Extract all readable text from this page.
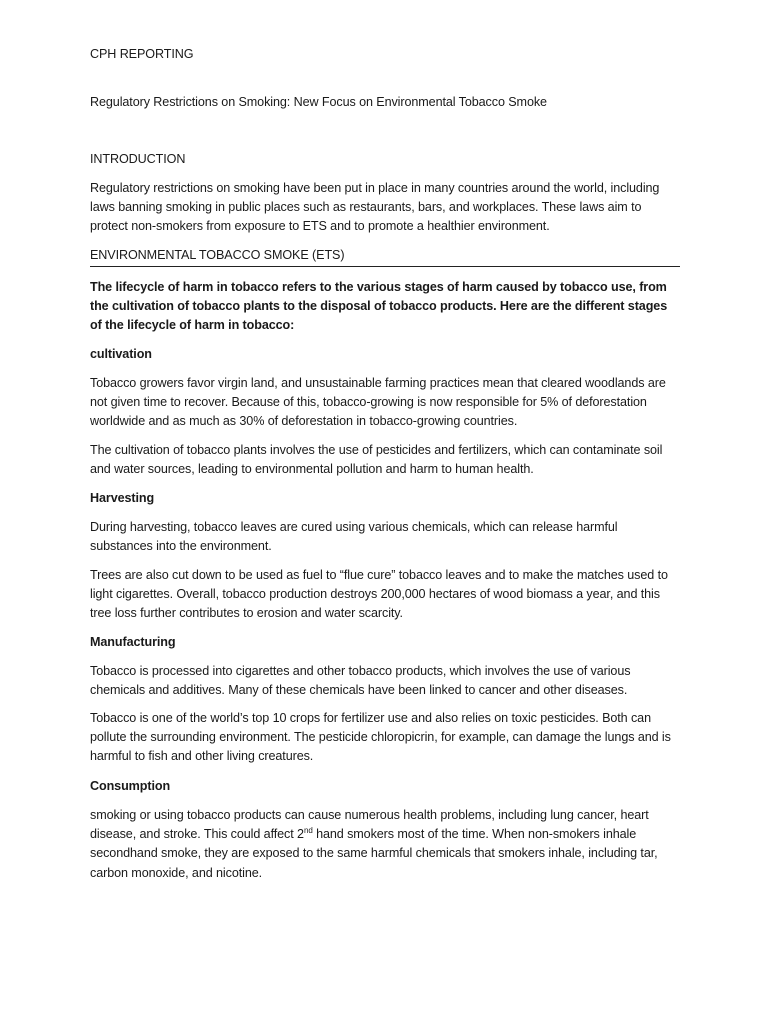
CPH REPORTING
Regulatory Restrictions on Smoking: New Focus on Environmental Tobacco Smoke
INTRODUCTION
Regulatory restrictions on smoking have been put in place in many countries around the world, including laws banning smoking in public places such as restaurants, bars, and workplaces. These laws aim to protect non-smokers from exposure to ETS and to promote a healthier environment.
ENVIRONMENTAL TOBACCO SMOKE (ETS)
The lifecycle of harm in tobacco refers to the various stages of harm caused by tobacco use, from the cultivation of tobacco plants to the disposal of tobacco products. Here are the different stages of the lifecycle of harm in tobacco:
cultivation
Tobacco growers favor virgin land, and unsustainable farming practices mean that cleared woodlands are not given time to recover. Because of this, tobacco-growing is now responsible for 5% of deforestation worldwide and as much as 30% of deforestation in tobacco-growing countries.
The cultivation of tobacco plants involves the use of pesticides and fertilizers, which can contaminate soil and water sources, leading to environmental pollution and harm to human health.
Harvesting
During harvesting, tobacco leaves are cured using various chemicals, which can release harmful substances into the environment.
Trees are also cut down to be used as fuel to “flue cure” tobacco leaves and to make the matches used to light cigarettes. Overall, tobacco production destroys 200,000 hectares of wood biomass a year, and this tree loss further contributes to erosion and water scarcity.
Manufacturing
Tobacco is processed into cigarettes and other tobacco products, which involves the use of various chemicals and additives. Many of these chemicals have been linked to cancer and other diseases.
Tobacco is one of the world’s top 10 crops for fertilizer use and also relies on toxic pesticides. Both can pollute the surrounding environment. The pesticide chloropicrin, for example, can damage the lungs and is harmful to fish and other living creatures.
Consumption
smoking or using tobacco products can cause numerous health problems, including lung cancer, heart disease, and stroke. This could affect 2nd hand smokers most of the time. When non-smokers inhale secondhand smoke, they are exposed to the same harmful chemicals that smokers inhale, including tar, carbon monoxide, and nicotine.
